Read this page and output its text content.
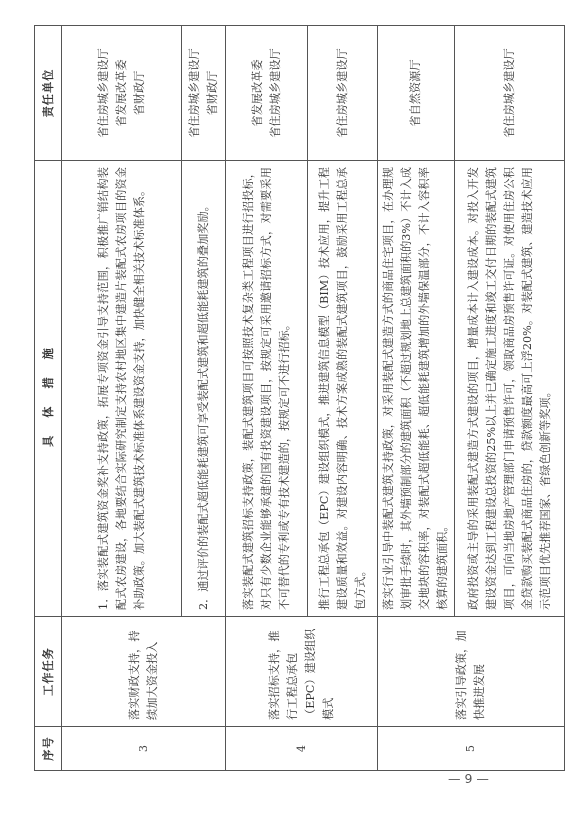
序号	工作任务	具体措施	责任单位
3	落实财政支持，持续加大资金投入	1．落实装配式建筑资金奖补支持政策，拓展专项资金引导支持范围，积极推广销结构装配式农房建设，各地要结合实际研究制定支持农村地区集中建造片装配式农房项目的资金补助政策。加大装配式建筑技术标准体系建设资金支持，加快健全相关技术标准体系。	省住房城乡建设厅 省发展改革委 省财政厅

		2．通过评价的装配式超低能耗建筑可享受装配式建筑和超低能耗建筑的叠加奖励。	省住房城乡建设厅 省财政厅

4	落实招标支持，推行工程总承包（EPC）建设组织模式	落实装配式建筑招标支持政策，装配式建筑项目可按照技术复杂类工程项目进行招投标，对只有少数企业能够承建的国有投资建设项目，按规定可采用邀请招标方式，对需要采用不可替代的专利或专有技术建造的，按规定可不进行招标。	省发展改革委 省住房城乡建设厅

		推行工程总承包（EPC）建设组织模式，推进建筑信息模型（BIM）技术应用，提升工程建设质量和效益。对建设内容明确、技术方案成熟的装配式建筑项目，鼓励采用工程总承包方式。	省住房城乡建设厅

5	落实引导政策，加快推进发展	落实行业引导中装配式建筑支持政策，对采用装配式建造方式的商品住宅项目，在办理规划审批手续时，其外墙预制部分的建筑面积（不超过规划地上总建筑面积的3%）不计入成交地块的容积率，对装配式超低能耗、超低能耗建筑增加的外墙保温部分，不计入容积率核算的建筑面积。	省自然资源厅

		政府投资或主导的采用装配式建造方式建设的项目，增量成本计入建设成本。对投入开发建设资金达到工程建设总投资的25%以上并已确定施工进度和竣工交付日期的装配式建筑项目，可向当地房地产管理部门申请预售许可，领取商品房预售许可证。对使用住房公积金贷款购买装配式商品住房的，贷款额度最高可上浮20%。对装配式建筑、建造技术应用示范项目优先推荐国家、省绿色创新等奖项。	省住房城乡建设厅
— 9 —
